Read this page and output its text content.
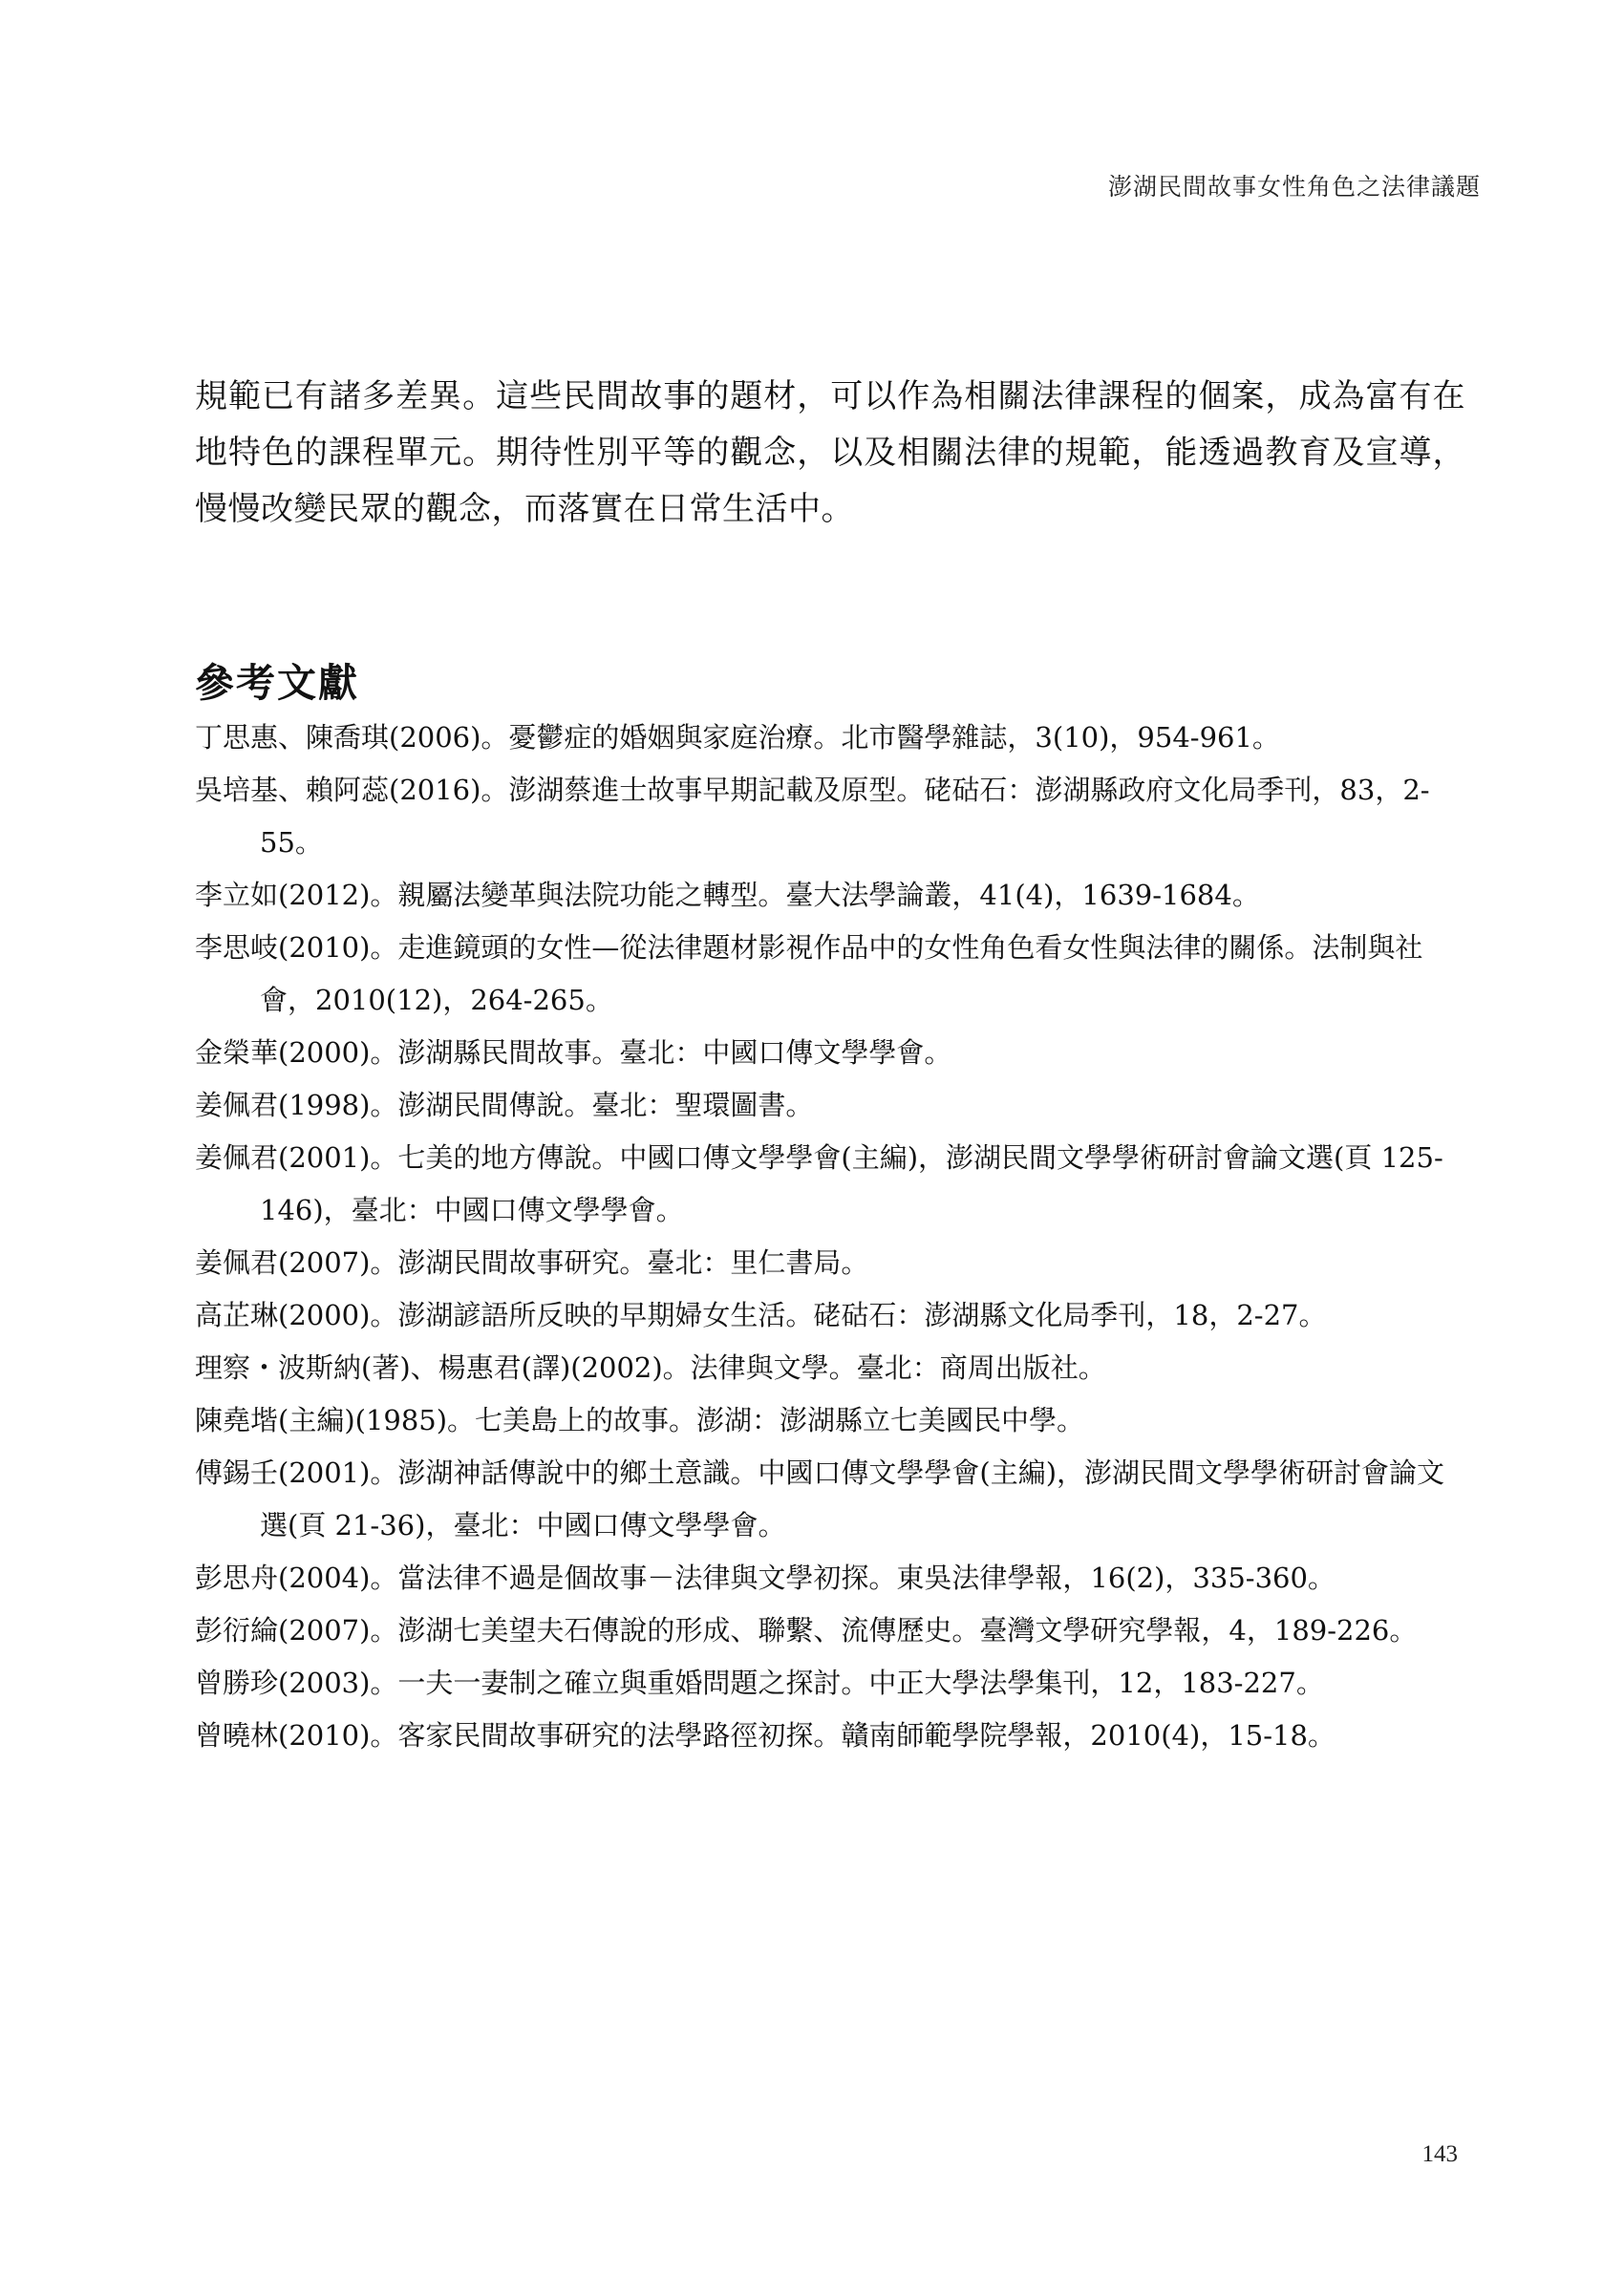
澎湖民間故事女性角色之法律議題

規範已有諸多差異。這些民間故事的題材，可以作為相關法律課程的個案，成為富有在地特色的課程單元。期待性別平等的觀念，以及相關法律的規範，能透過教育及宣導，慢慢改變民眾的觀念，而落實在日常生活中。

參考文獻
丁思惠、陳喬琪(2006)。憂鬱症的婚姻與家庭治療。北市醫學雜誌，3(10)，954-961。
吳培基、賴阿蕊(2016)。澎湖蔡進士故事早期記載及原型。硓𥑮石：澎湖縣政府文化局季刊，83，2-55。
李立如(2012)。親屬法變革與法院功能之轉型。臺大法學論叢，41(4)，1639-1684。
李思岐(2010)。走進鏡頭的女性—從法律題材影視作品中的女性角色看女性與法律的關係。法制與社會，2010(12)，264-265。
金榮華(2000)。澎湖縣民間故事。臺北：中國口傳文學學會。
姜佩君(1998)。澎湖民間傳說。臺北：聖環圖書。
姜佩君(2001)。七美的地方傳說。中國口傳文學學會(主編)，澎湖民間文學學術研討會論文選(頁 125-146)，臺北：中國口傳文學學會。
姜佩君(2007)。澎湖民間故事研究。臺北：里仁書局。
高芷琳(2000)。澎湖諺語所反映的早期婦女生活。硓𥑮石：澎湖縣文化局季刊，18，2-27。
理察・波斯納(著)、楊惠君(譯)(2002)。法律與文學。臺北：商周出版社。
陳堯堦(主編)(1985)。七美島上的故事。澎湖：澎湖縣立七美國民中學。
傅錫壬(2001)。澎湖神話傳說中的鄉土意識。中國口傳文學學會(主編)，澎湖民間文學學術研討會論文選(頁 21-36)，臺北：中國口傳文學學會。
彭思舟(2004)。當法律不過是個故事－法律與文學初探。東吳法律學報，16(2)，335-360。
彭衍綸(2007)。澎湖七美望夫石傳說的形成、聯繫、流傳歷史。臺灣文學研究學報，4，189-226。
曾勝珍(2003)。一夫一妻制之確立與重婚問題之探討。中正大學法學集刊，12，183-227。
曾曉林(2010)。客家民間故事研究的法學路徑初探。贛南師範學院學報，2010(4)，15-18。
143
